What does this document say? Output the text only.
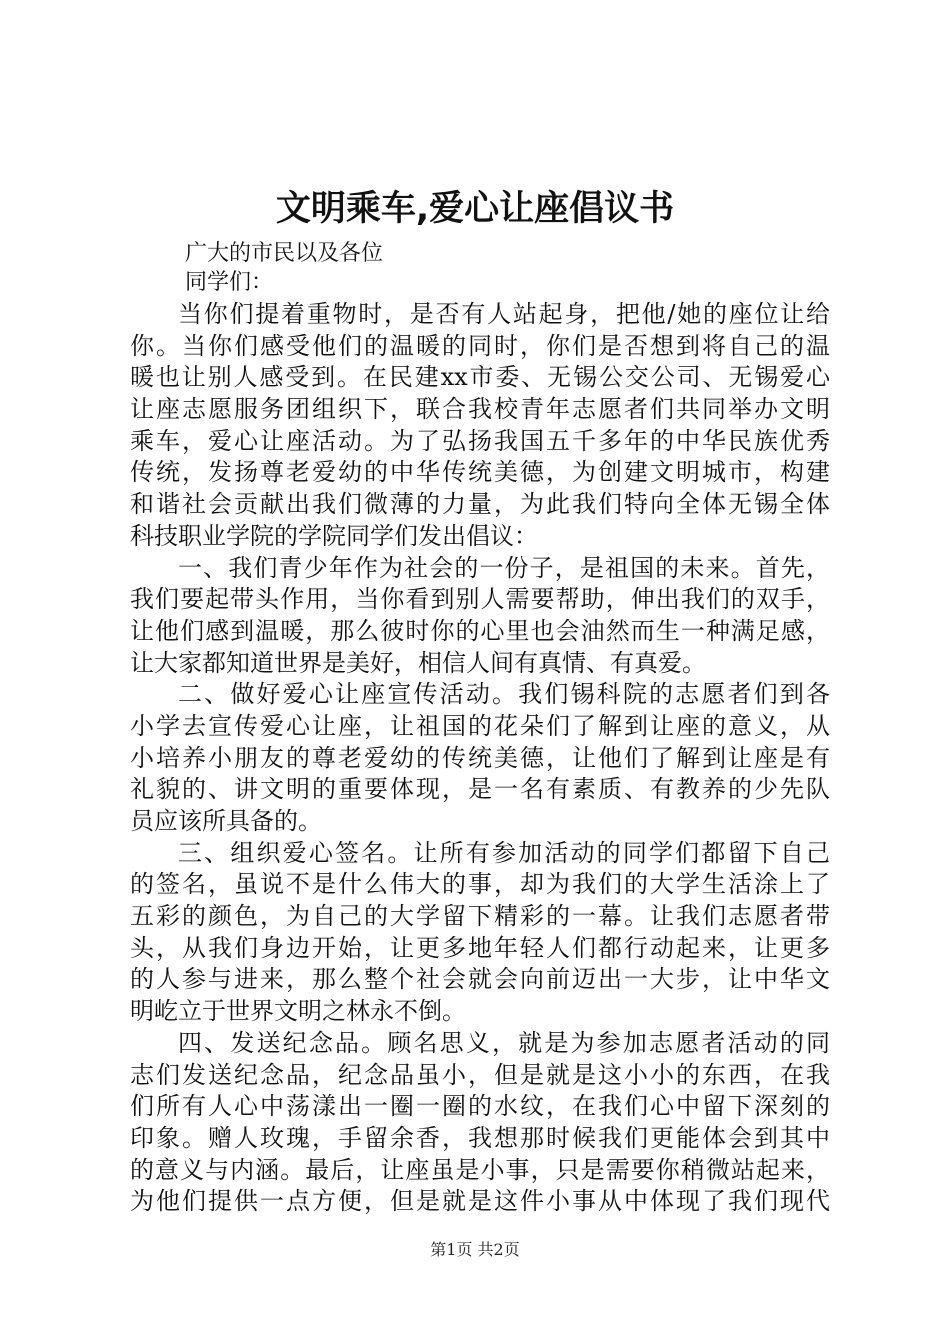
文明乘车,爱心让座倡议书
广大的市民以及各位
同学们：
当你们提着重物时，是否有人站起身，把他/她的座位让给
你。当你们感受他们的温暖的同时，你们是否想到将自己的温
暖也让别人感受到。在民建xx市委、无锡公交公司、无锡爱心
让座志愿服务团组织下，联合我校青年志愿者们共同举办文明
乘车，爱心让座活动。为了弘扬我国五千多年的中华民族优秀
传统，发扬尊老爱幼的中华传统美德，为创建文明城市，构建
和谐社会贡献出我们微薄的力量，为此我们特向全体无锡全体
科技职业学院的学院同学们发出倡议：
一、我们青少年作为社会的一份子，是祖国的未来。首先，
我们要起带头作用，当你看到别人需要帮助，伸出我们的双手，
让他们感到温暖，那么彼时你的心里也会油然而生一种满足感，
让大家都知道世界是美好，相信人间有真情、有真爱。
二、做好爱心让座宣传活动。我们锡科院的志愿者们到各
小学去宣传爱心让座，让祖国的花朵们了解到让座的意义，从
小培养小朋友的尊老爱幼的传统美德，让他们了解到让座是有
礼貌的、讲文明的重要体现，是一名有素质、有教养的少先队
员应该所具备的。
三、组织爱心签名。让所有参加活动的同学们都留下自己
的签名，虽说不是什么伟大的事，却为我们的大学生活涂上了
五彩的颜色，为自己的大学留下精彩的一幕。让我们志愿者带
头，从我们身边开始，让更多地年轻人们都行动起来，让更多
的人参与进来，那么整个社会就会向前迈出一大步，让中华文
明屹立于世界文明之林永不倒。
四、发送纪念品。顾名思义，就是为参加志愿者活动的同
志们发送纪念品，纪念品虽小，但是就是这小小的东西，在我
们所有人心中荡漾出一圈一圈的水纹，在我们心中留下深刻的
印象。赠人玫瑰，手留余香，我想那时候我们更能体会到其中
的意义与内涵。最后，让座虽是小事，只是需要你稍微站起来，
为他们提供一点方便，但是就是这件小事从中体现了我们现代
第1页 共2页
